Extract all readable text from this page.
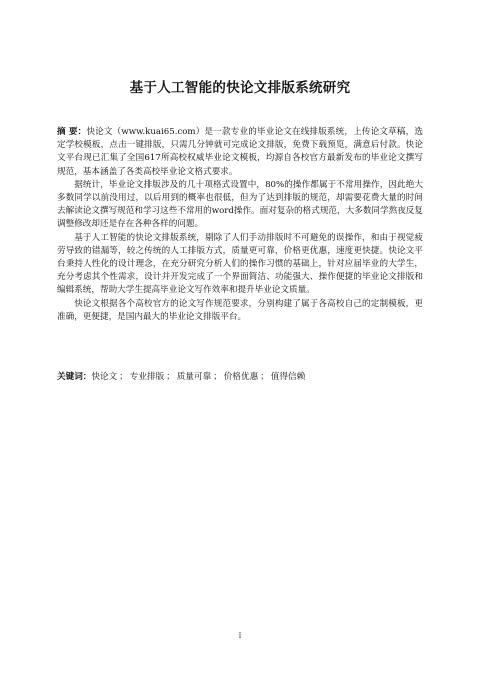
基于人工智能的快论文排版系统研究

摘 要：快论文（www.kuai65.com）是一款专业的毕业论文在线排版系统，上传论文草稿，选定学校模板，点击一键排版，只需几分钟就可完成论文排版，免费下载预览，满意后付款。快论文平台现已汇集了全国617所高校权威毕业论文模板，均源自各校官方最新发布的毕业论文撰写规范，基本涵盖了各类高校毕业论文格式要求。

据统计，毕业论文排版涉及的几十项格式设置中，80%的操作都属于不常用操作，因此绝大多数同学以前没用过，以后用到的概率也很低，但为了达到排版的规范，却需要花费大量的时间去解读论文撰写规范和学习这些不常用的word操作。面对复杂的格式规范，大多数同学熬夜反复调整修改却还是存在各种各样的问题。

基于人工智能的快论文排版系统，剔除了人们手动排版时不可避免的误操作，和由于视觉疲劳导致的错漏等，较之传统的人工排版方式，质量更可靠，价格更优惠，速度更快捷。快论文平台秉持人性化的设计理念，在充分研究分析人们的操作习惯的基础上，针对应届毕业的大学生，充分考虑其个性需求，设计并开发完成了一个界面简洁、功能强大、操作便捷的毕业论文排版和编辑系统，帮助大学生提高毕业论文写作效率和提升毕业论文质量。

快论文根据各个高校官方的论文写作规范要求，分别构建了属于各高校自己的定制模板，更准确，更便捷，是国内最大的毕业论文排版平台。

关键词：快论文 ； 专业排版 ； 质量可靠 ； 价格优惠 ； 值得信赖
I
